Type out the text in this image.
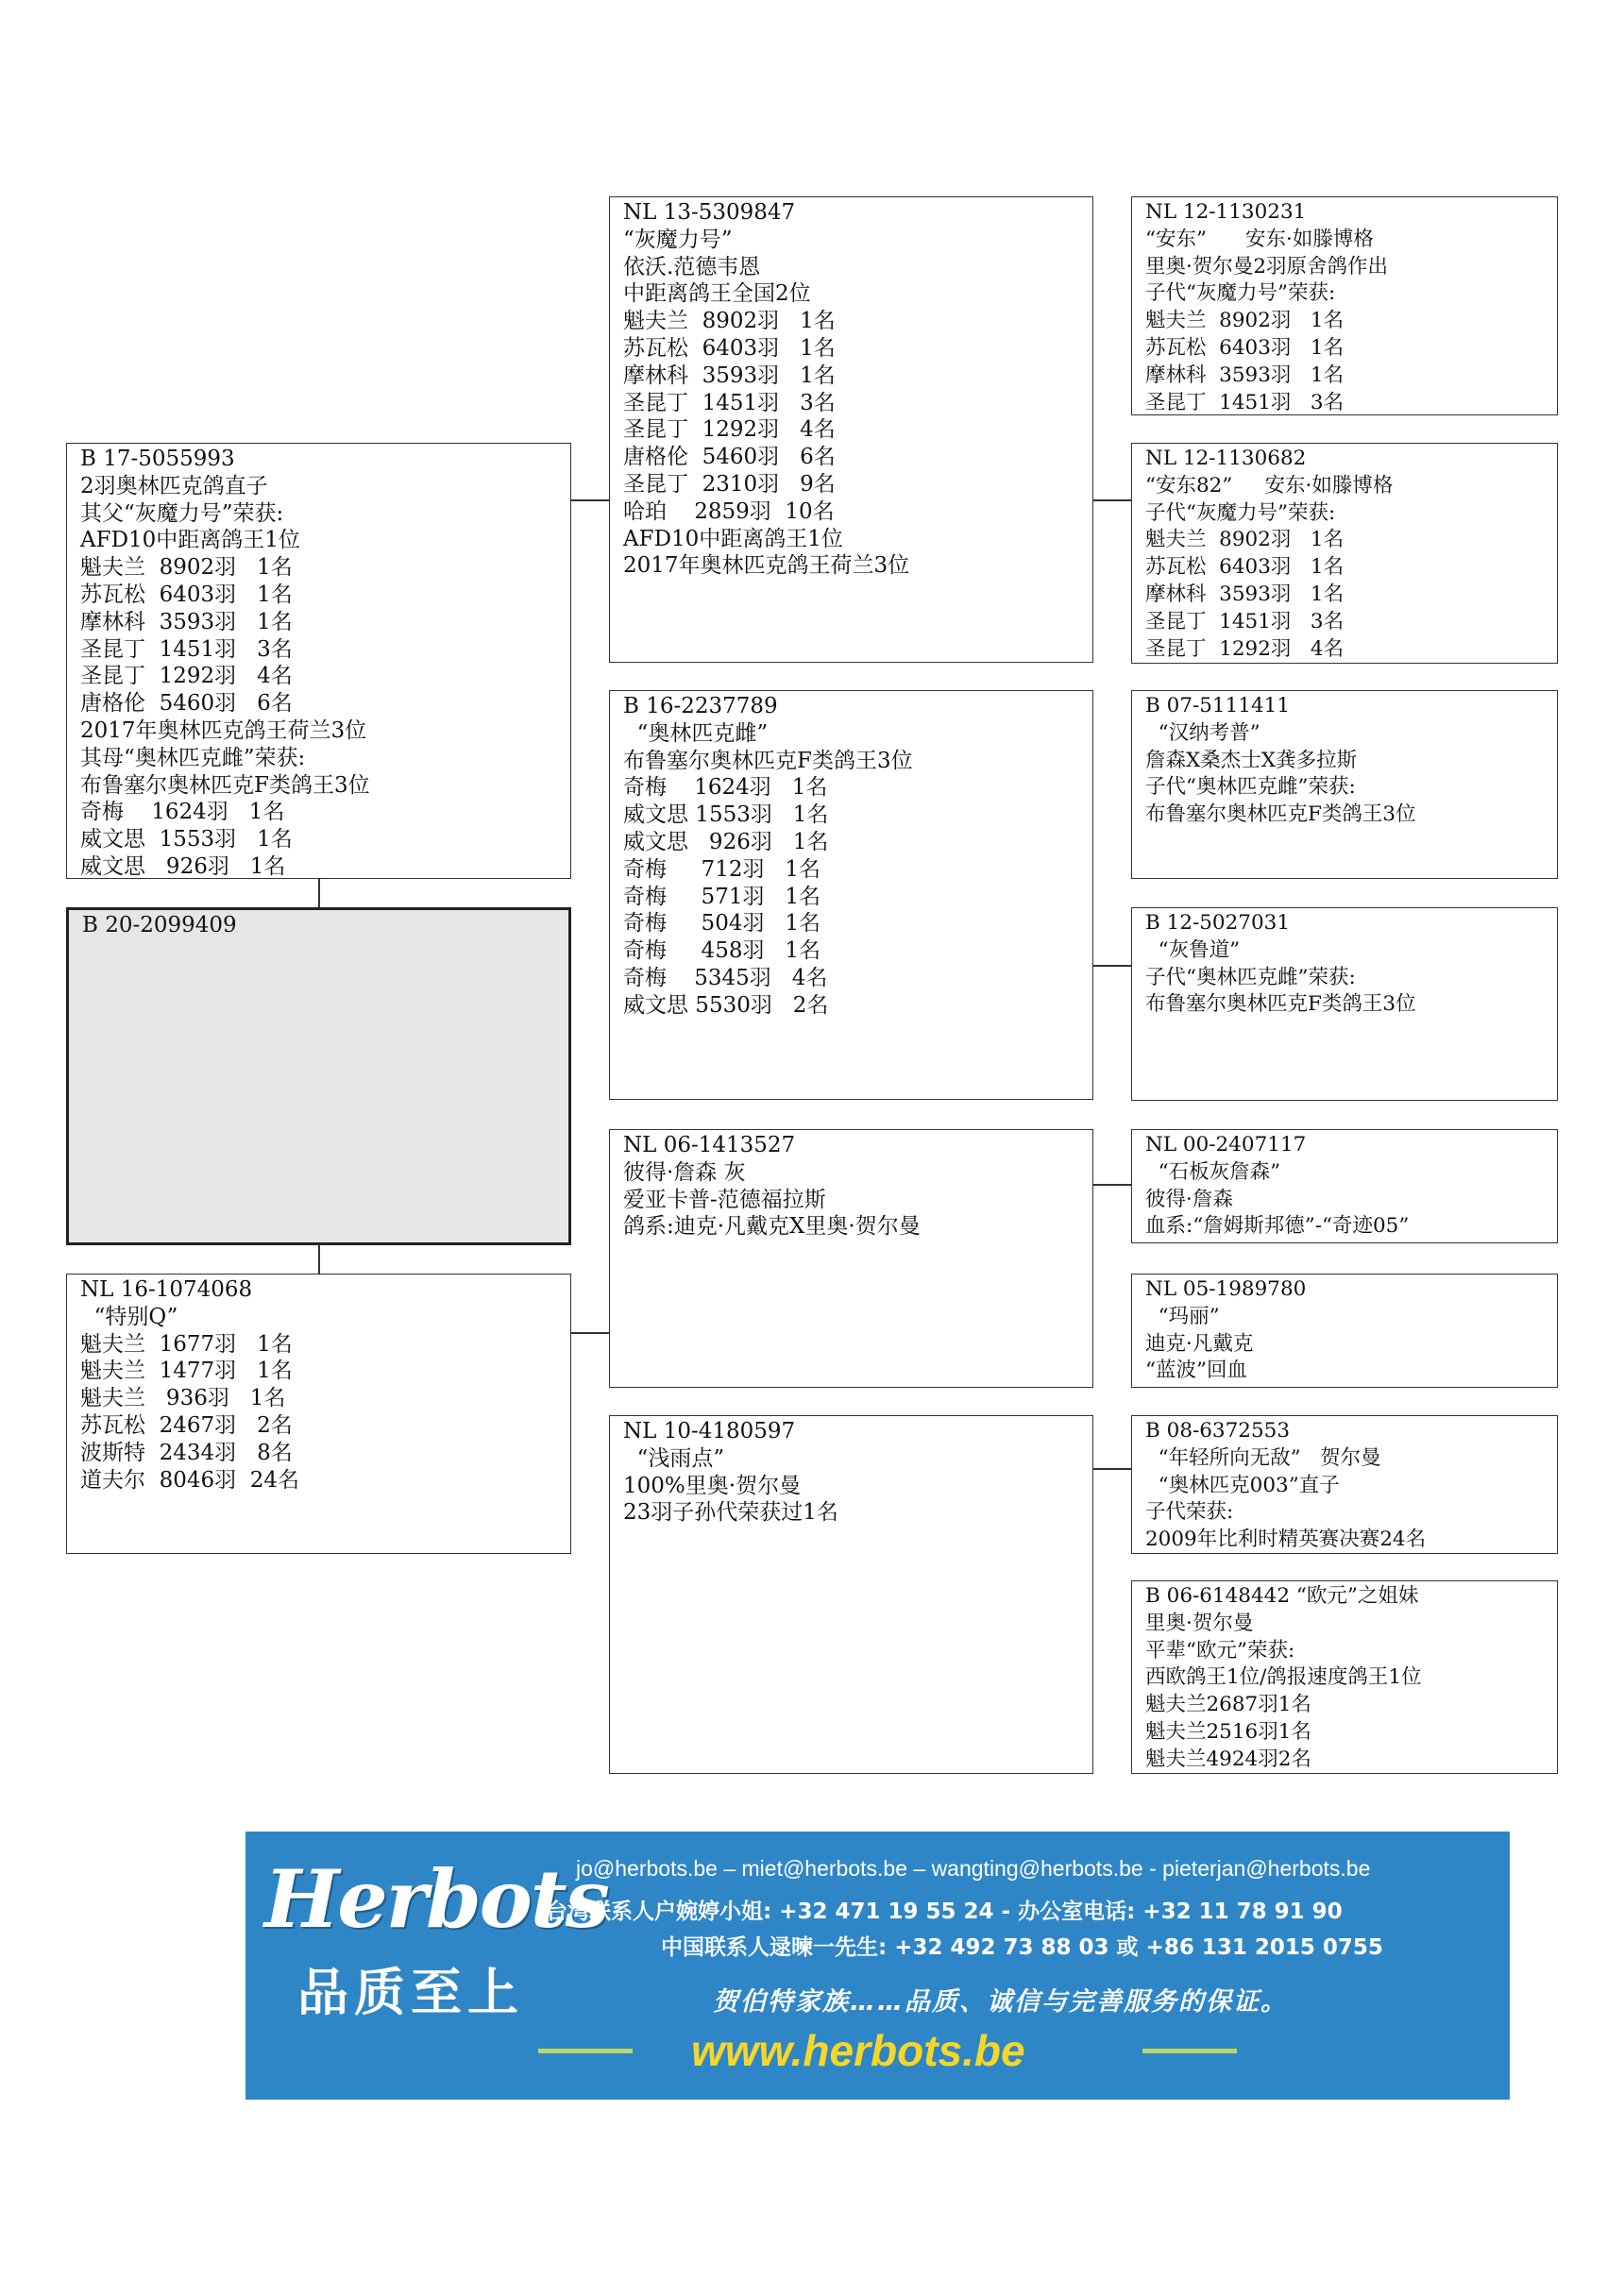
B 17-5055993
2羽奥林匹克鸽直子
其父“灰魔力号”荣获:
AFD10中距离鸽王1位
魁夫兰  8902羽   1名
苏瓦松  6403羽   1名
摩林科  3593羽   1名
圣昆丁  1451羽   3名
圣昆丁  1292羽   4名
唐格伦  5460羽   6名
2017年奥林匹克鸽王荷兰3位
其母“奥林匹克雌”荣获:
布鲁塞尔奥林匹克F类鸽王3位
奇梅    1624羽   1名
威文思  1553羽   1名
威文思   926羽   1名
B 20-2099409
NL 16-1074068
“特别Q”
魁夫兰  1677羽   1名
魁夫兰  1477羽   1名
魁夫兰   936羽   1名
苏瓦松  2467羽   2名
波斯特  2434羽   8名
道夫尔  8046羽  24名
NL 13-5309847
“灰魔力号”
依沃.范德韦恩
中距离鸽王全国2位
魁夫兰  8902羽   1名
苏瓦松  6403羽   1名
摩林科  3593羽   1名
圣昆丁  1451羽   3名
圣昆丁  1292羽   4名
唐格伦  5460羽   6名
圣昆丁  2310羽   9名
哈珀    2859羽  10名
AFD10中距离鸽王1位
2017年奥林匹克鸽王荷兰3位
B 16-2237789
“奥林匹克雌”
布鲁塞尔奥林匹克F类鸽王3位
奇梅    1624羽   1名
威文思 1553羽   1名
威文思   926羽   1名
奇梅     712羽   1名
奇梅     571羽   1名
奇梅     504羽   1名
奇梅     458羽   1名
奇梅    5345羽   4名
威文思 5530羽   2名
NL 06-1413527
彼得·詹森 灰
爱亚卡普-范德福拉斯
鸽系:迪克·凡戴克X里奥·贺尔曼
NL 10-4180597
“浅雨点”
100%里奥·贺尔曼
23羽子孙代荣获过1名
NL 12-1130231
“安东”      安东·如滕博格
里奥·贺尔曼2羽原舍鸽作出
子代“灰魔力号”荣获:
魁夫兰  8902羽   1名
苏瓦松  6403羽   1名
摩林科  3593羽   1名
圣昆丁  1451羽   3名
NL 12-1130682
“安东82”     安东·如滕博格
子代“灰魔力号”荣获:
魁夫兰  8902羽   1名
苏瓦松  6403羽   1名
摩林科  3593羽   1名
圣昆丁  1451羽   3名
圣昆丁  1292羽   4名
B 07-5111411
“汉纳考普”
詹森X桑杰士X龚多拉斯
子代“奥林匹克雌”荣获:
布鲁塞尔奥林匹克F类鸽王3位
B 12-5027031
“灰鲁道”
子代“奥林匹克雌”荣获:
布鲁塞尔奥林匹克F类鸽王3位
NL 00-2407117
“石板灰詹森”
彼得·詹森
血系:“詹姆斯邦德”-“奇迹05”
NL 05-1989780
“玛丽”
迪克·凡戴克
“蓝波”回血
B 08-6372553
“年轻所向无敌”   贺尔曼
“奥林匹克003”直子
子代荣获:
2009年比利时精英赛决赛24名
B 06-6148442 “欧元”之姐妹
里奥·贺尔曼
平辈“欧元”荣获:
西欧鸽王1位/鸽报速度鸽王1位
魁夫兰2687羽1名
魁夫兰2516羽1名
魁夫兰4924羽2名
Herbots
品质至上
jo@herbots.be – miet@herbots.be – wangting@herbots.be - pieterjan@herbots.be
台湾联系人户婉婷小姐: +32 471 19 55 24 - 办公室电话: +32 11 78 91 90
中国联系人逯暕一先生: +32 492 73 88 03 或 +86 131 2015 0755
贺伯特家族……品质、诚信与完善服务的保证。
www.herbots.be
